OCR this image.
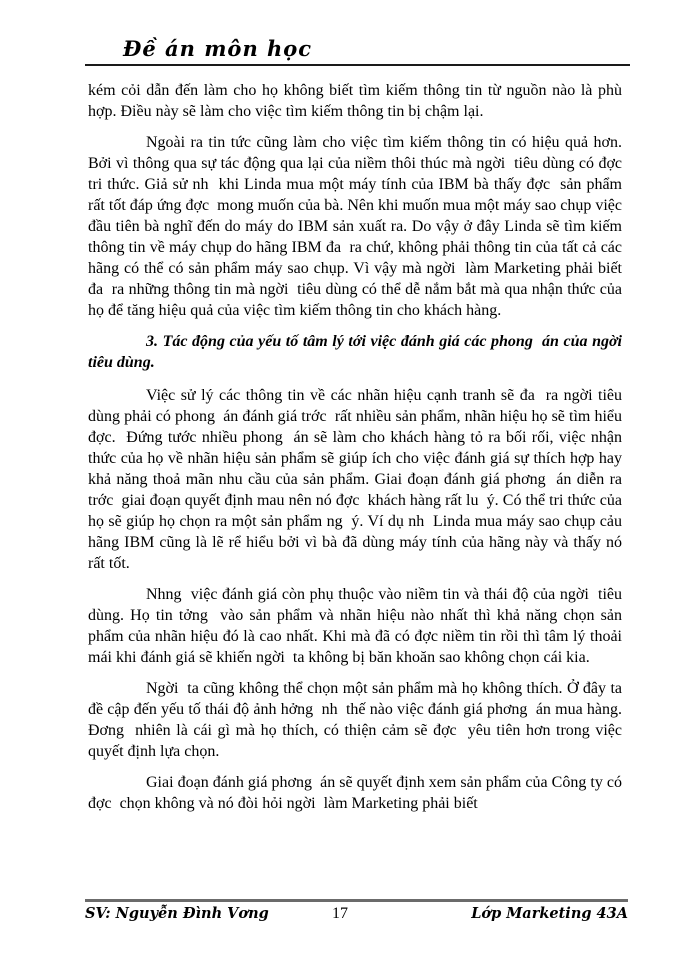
Đề án môn học

kém cỏi dẫn đến làm cho họ không biết tìm kiếm thông tin từ nguồn nào là phù hợp. Điều này sẽ làm cho việc tìm kiếm thông tin bị chậm lại.

Ngoài ra tin tức cũng làm cho việc tìm kiếm thông tin có hiệu quả hơn. Bởi vì thông qua sự tác động qua lại của niềm thôi thúc mà ngời  tiêu dùng có đợc  tri thức. Giả sử nh  khi Linda mua một máy tính của IBM bà thấy đợc  sản phẩm rất tốt đáp ứng đợc  mong muốn của bà. Nên khi muốn mua một máy sao chụp việc đầu tiên bà nghĩ đến do máy do IBM sản xuất ra. Do vậy ở đây Linda sẽ tìm kiếm thông tin về máy chụp do hãng IBM đa  ra chứ, không phải thông tin của tất cả các hãng có thể có sản phẩm máy sao chụp. Vì vậy mà ngời  làm Marketing phải biết đa  ra những thông tin mà ngời  tiêu dùng có thể dễ nắm bắt mà qua nhận thức của họ để tăng hiệu quả của việc tìm kiếm thông tin cho khách hàng.

3. Tác động của yếu tố tâm lý tới việc đánh giá các phong  án của ngời  tiêu dùng.

Việc sử lý các thông tin về các nhãn hiệu cạnh tranh sẽ đa  ra ngời tiêu dùng phải có phong  án đánh giá trớc  rất nhiều sản phẩm, nhãn hiệu họ sẽ tìm hiểu đợc.  Đứng tước nhiều phong  án sẽ làm cho khách hàng tỏ ra bối rối, việc nhận thức của họ về nhãn hiệu sản phẩm sẽ giúp ích cho việc đánh giá sự thích hợp hay khả năng thoả mãn nhu cầu của sản phẩm. Giai đoạn đánh giá phơng  án diễn ra trớc  giai đoạn quyết định mau nên nó đợc  khách hàng rất lu  ý. Có thể tri thức của họ sẽ giúp họ chọn ra một sản phẩm ng  ý. Ví dụ nh  Linda mua máy sao chụp cảu hãng IBM cũng là lẽ rể hiểu bởi vì bà đã dùng máy tính của hãng này và thấy nó rất tốt.

Nhng  việc đánh giá còn phụ thuộc vào niềm tin và thái độ của ngời  tiêu dùng. Họ tin tởng  vào sản phẩm và nhãn hiệu nào nhất thì khả năng chọn sản phẩm của nhãn hiệu đó là cao nhất. Khi mà đã có đợc niềm tin rồi thì tâm lý thoải mái khi đánh giá sẽ khiến ngời  ta không bị băn khoăn sao không chọn cái kia.

Ngời  ta cũng không thể chọn một sản phẩm mà họ không thích. Ở đây ta đề cập đến yếu tố thái độ ảnh hởng  nh  thế nào việc đánh giá phơng  án mua hàng. Đơng  nhiên là cái gì mà họ thích, có thiện cảm sẽ đợc  yêu tiên hơn trong việc quyết định lựa chọn.

Giai đoạn đánh giá phơng  án sẽ quyết định xem sản phẩm của Công ty có đợc  chọn không và nó đòi hỏi ngời  làm Marketing phải biết

SV: Nguyễn Đình Vơng	17	Lớp Marketing 43A
